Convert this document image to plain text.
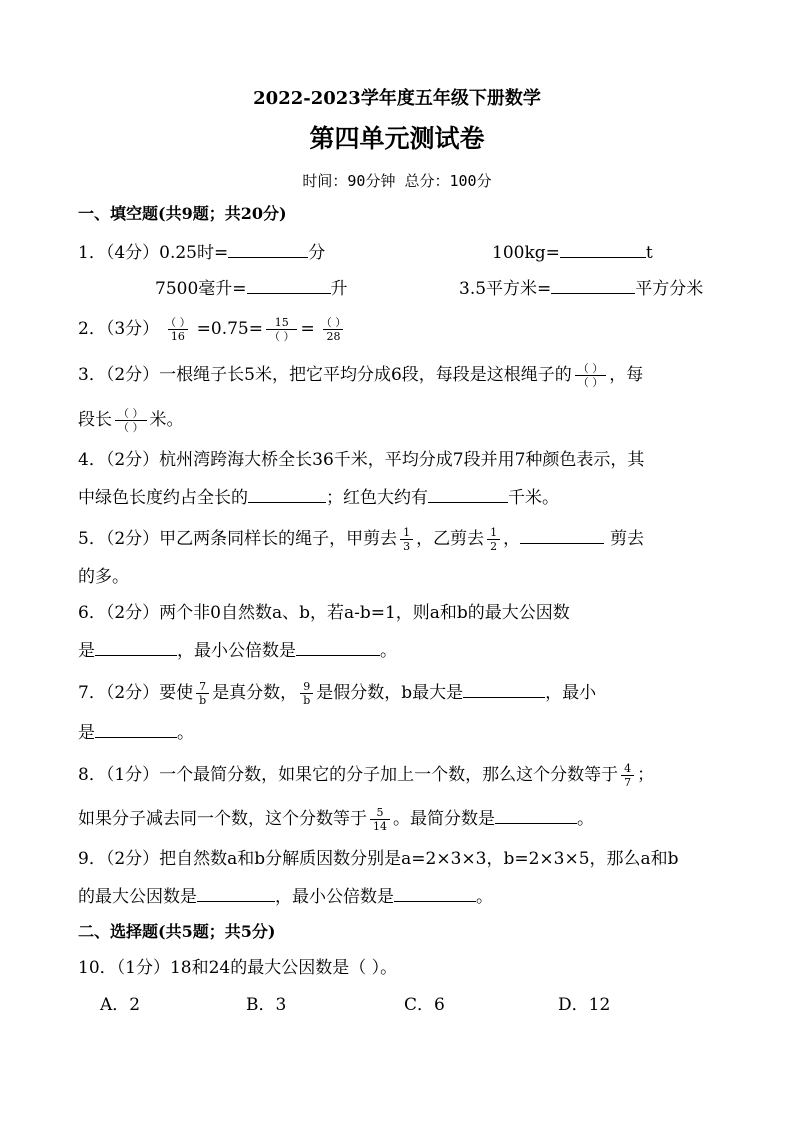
2022-2023学年度五年级下册数学
第四单元测试卷
时间：90分钟 总分：100分
一、填空题(共9题；共20分)
1．（4分）0.25时=	分	100kg=	t
7500毫升=	升	3.5平方米=	平方分米
2．（3分） $\frac{( )}{16} =0.75= \frac{15}{( )} = \frac{( )}{28}$
3．（2分）一根绳子长5米，把它平均分成6段，每段是这根绳子的 $\frac{( )}{( )}$ ，每
段长 $\frac{( )}{( )}$ 米。
4．（2分）杭州湾跨海大桥全长36千米，平均分成7段并用7种颜色表示，其
中绿色长度约占全长的	；红色大约有	千米。
5．（2分）甲乙两条同样长的绳子，甲剪去 $\frac{1}{3}$ ，乙剪去 $\frac{1}{2}$ ，	剪去
的多。
6．（2分）两个非0自然数a、b，若a-b=1，则a和b的最大公因数
是	，最小公倍数是	。
7．（2分）要使 $\frac{7}{b}$ 是真分数， $\frac{9}{b}$ 是假分数，b最大是	，最小
是	。
8．（1分）一个最简分数，如果它的分子加上一个数，那么这个分数等于 $\frac{4}{7}$ ；
如果分子减去同一个数，这个分数等于 $\frac{5}{14}$ 。最简分数是	。
9．（2分）把自然数a和b分解质因数分别是a=2×3×3，b=2×3×5，那么a和b
的最大公因数是	，最小公倍数是	。
二、选择题(共5题；共5分)
10．（1分）18和24的最大公因数是（ ）。
A．2	B．3	C．6	D．12
